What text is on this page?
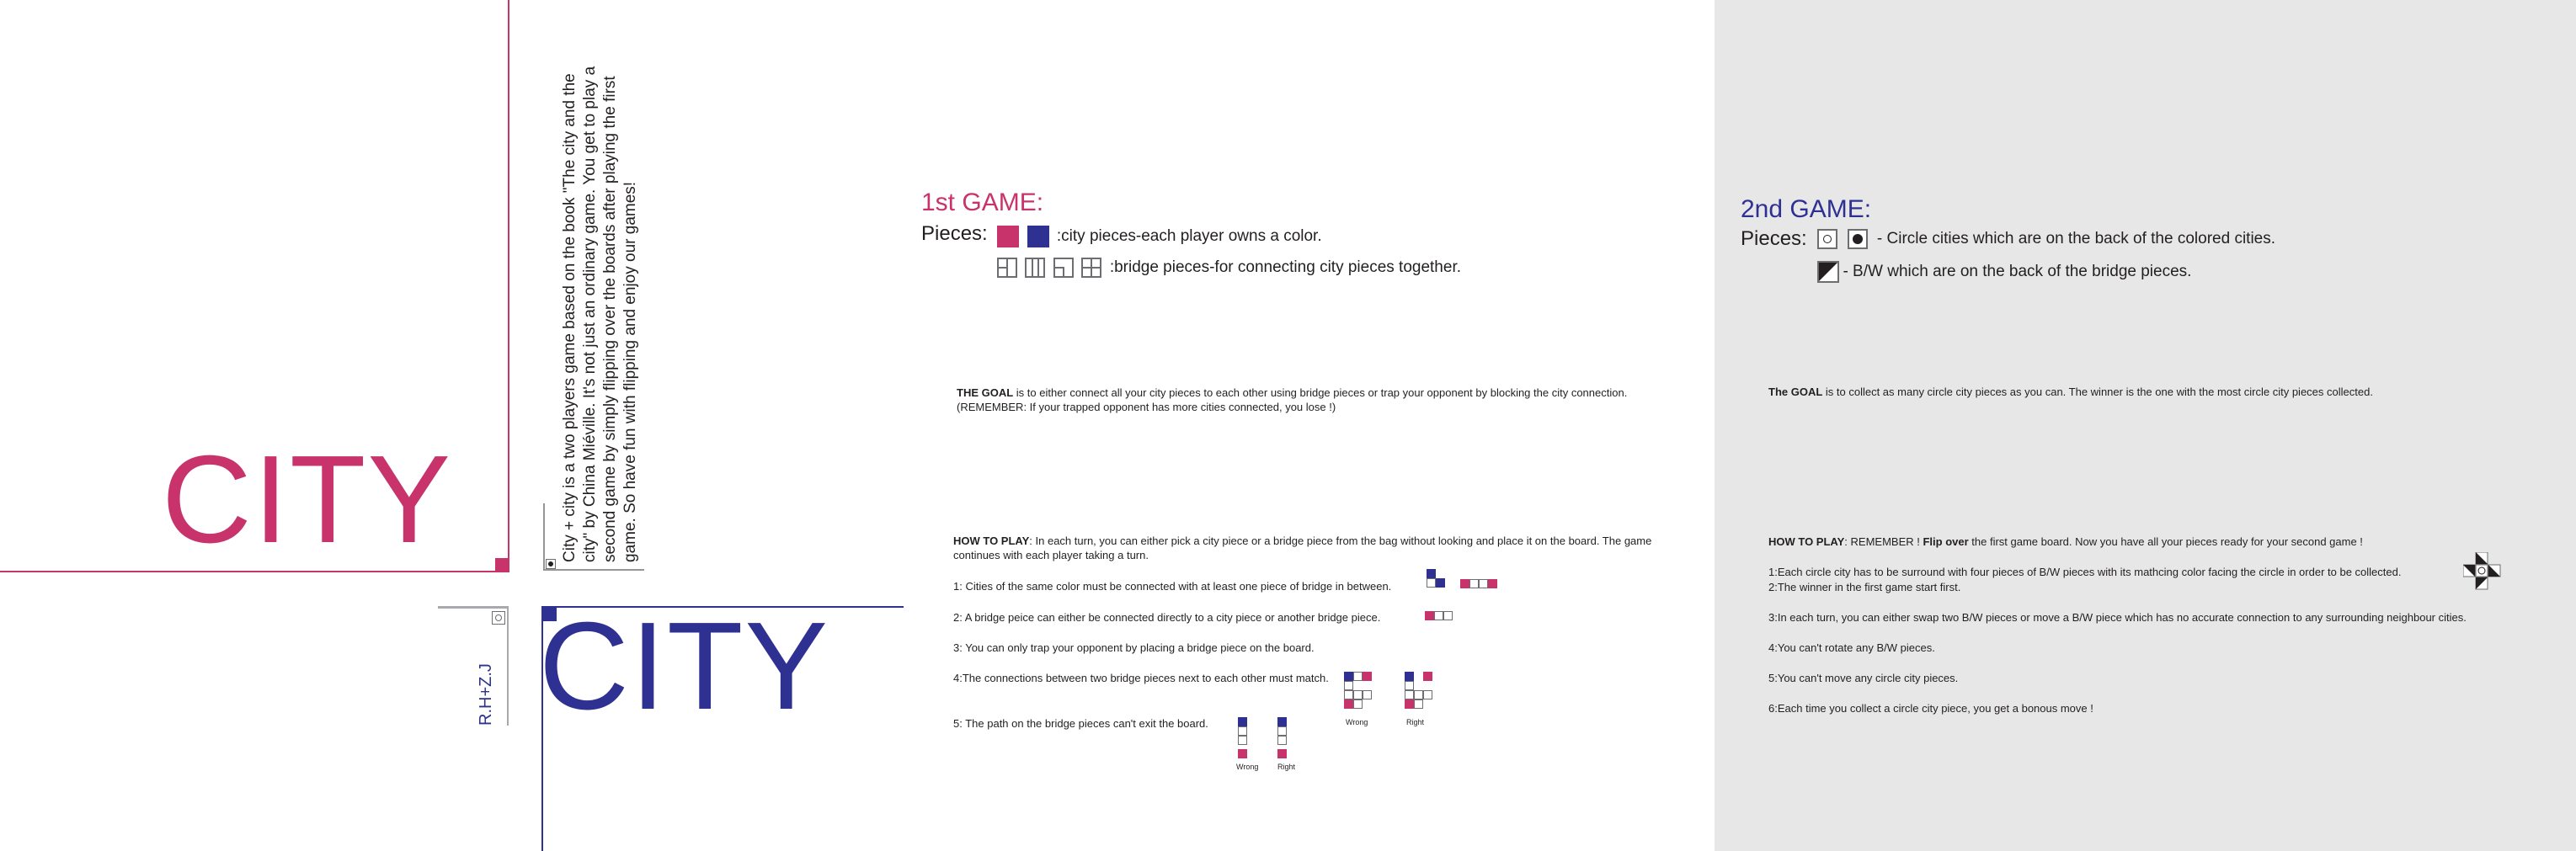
CITY	City + city is a two players game based on the book "The city and the city" by China Miéville. It's not just an ordinary game. You get to play a second game by simply flipping over the boards after playing the first game. So have fun with flipping and enjoy our games!
R.H+Z.J CITY
1st GAME:
Pieces:	:city pieces-each player owns a color.

:bridge pieces-for connecting city pieces together.
THE GOAL is to either connect all your city pieces to each other using bridge pieces or trap your opponent by blocking the city connection.
(REMEMBER: If your trapped opponent has more cities connected, you lose !)
HOW TO PLAY: In each turn, you can either pick a city piece or a bridge piece from the bag without looking and place it on the board. The game continues with each player taking a turn.
1: Cities of the same color must be connected with at least one piece of bridge in between.
2: A bridge peice can either be connected directly to a city piece or another bridge piece.
3: You can only trap your opponent by placing a bridge piece on the board.
4:The connections between two bridge pieces next to each other must match.
5: The path on the bridge pieces can't exit the board.	Wrong	Right
Wrong	Right
2nd GAME:
Pieces:
	- Circle cities which are on the back of the colored cities.
- B/W which are on the back of the bridge pieces.
The GOAL is to collect as many circle city pieces as you can. The winner is the one with the most circle city pieces collected.
HOW TO PLAY: REMEMBER ! Flip over the first game board. Now you have all your pieces ready for your second game !
1:Each circle city has to be surround with four pieces of B/W pieces with its mathcing color facing the circle in order to be collected.
2:The winner in the first game start first.
3:In each turn, you can either swap two B/W pieces or move a B/W piece which has no accurate connection to any surrounding neighbour cities.
4:You can't rotate any B/W pieces.
5:You can't move any circle city pieces.
6:Each time you collect a circle city piece, you get a bonous move !
